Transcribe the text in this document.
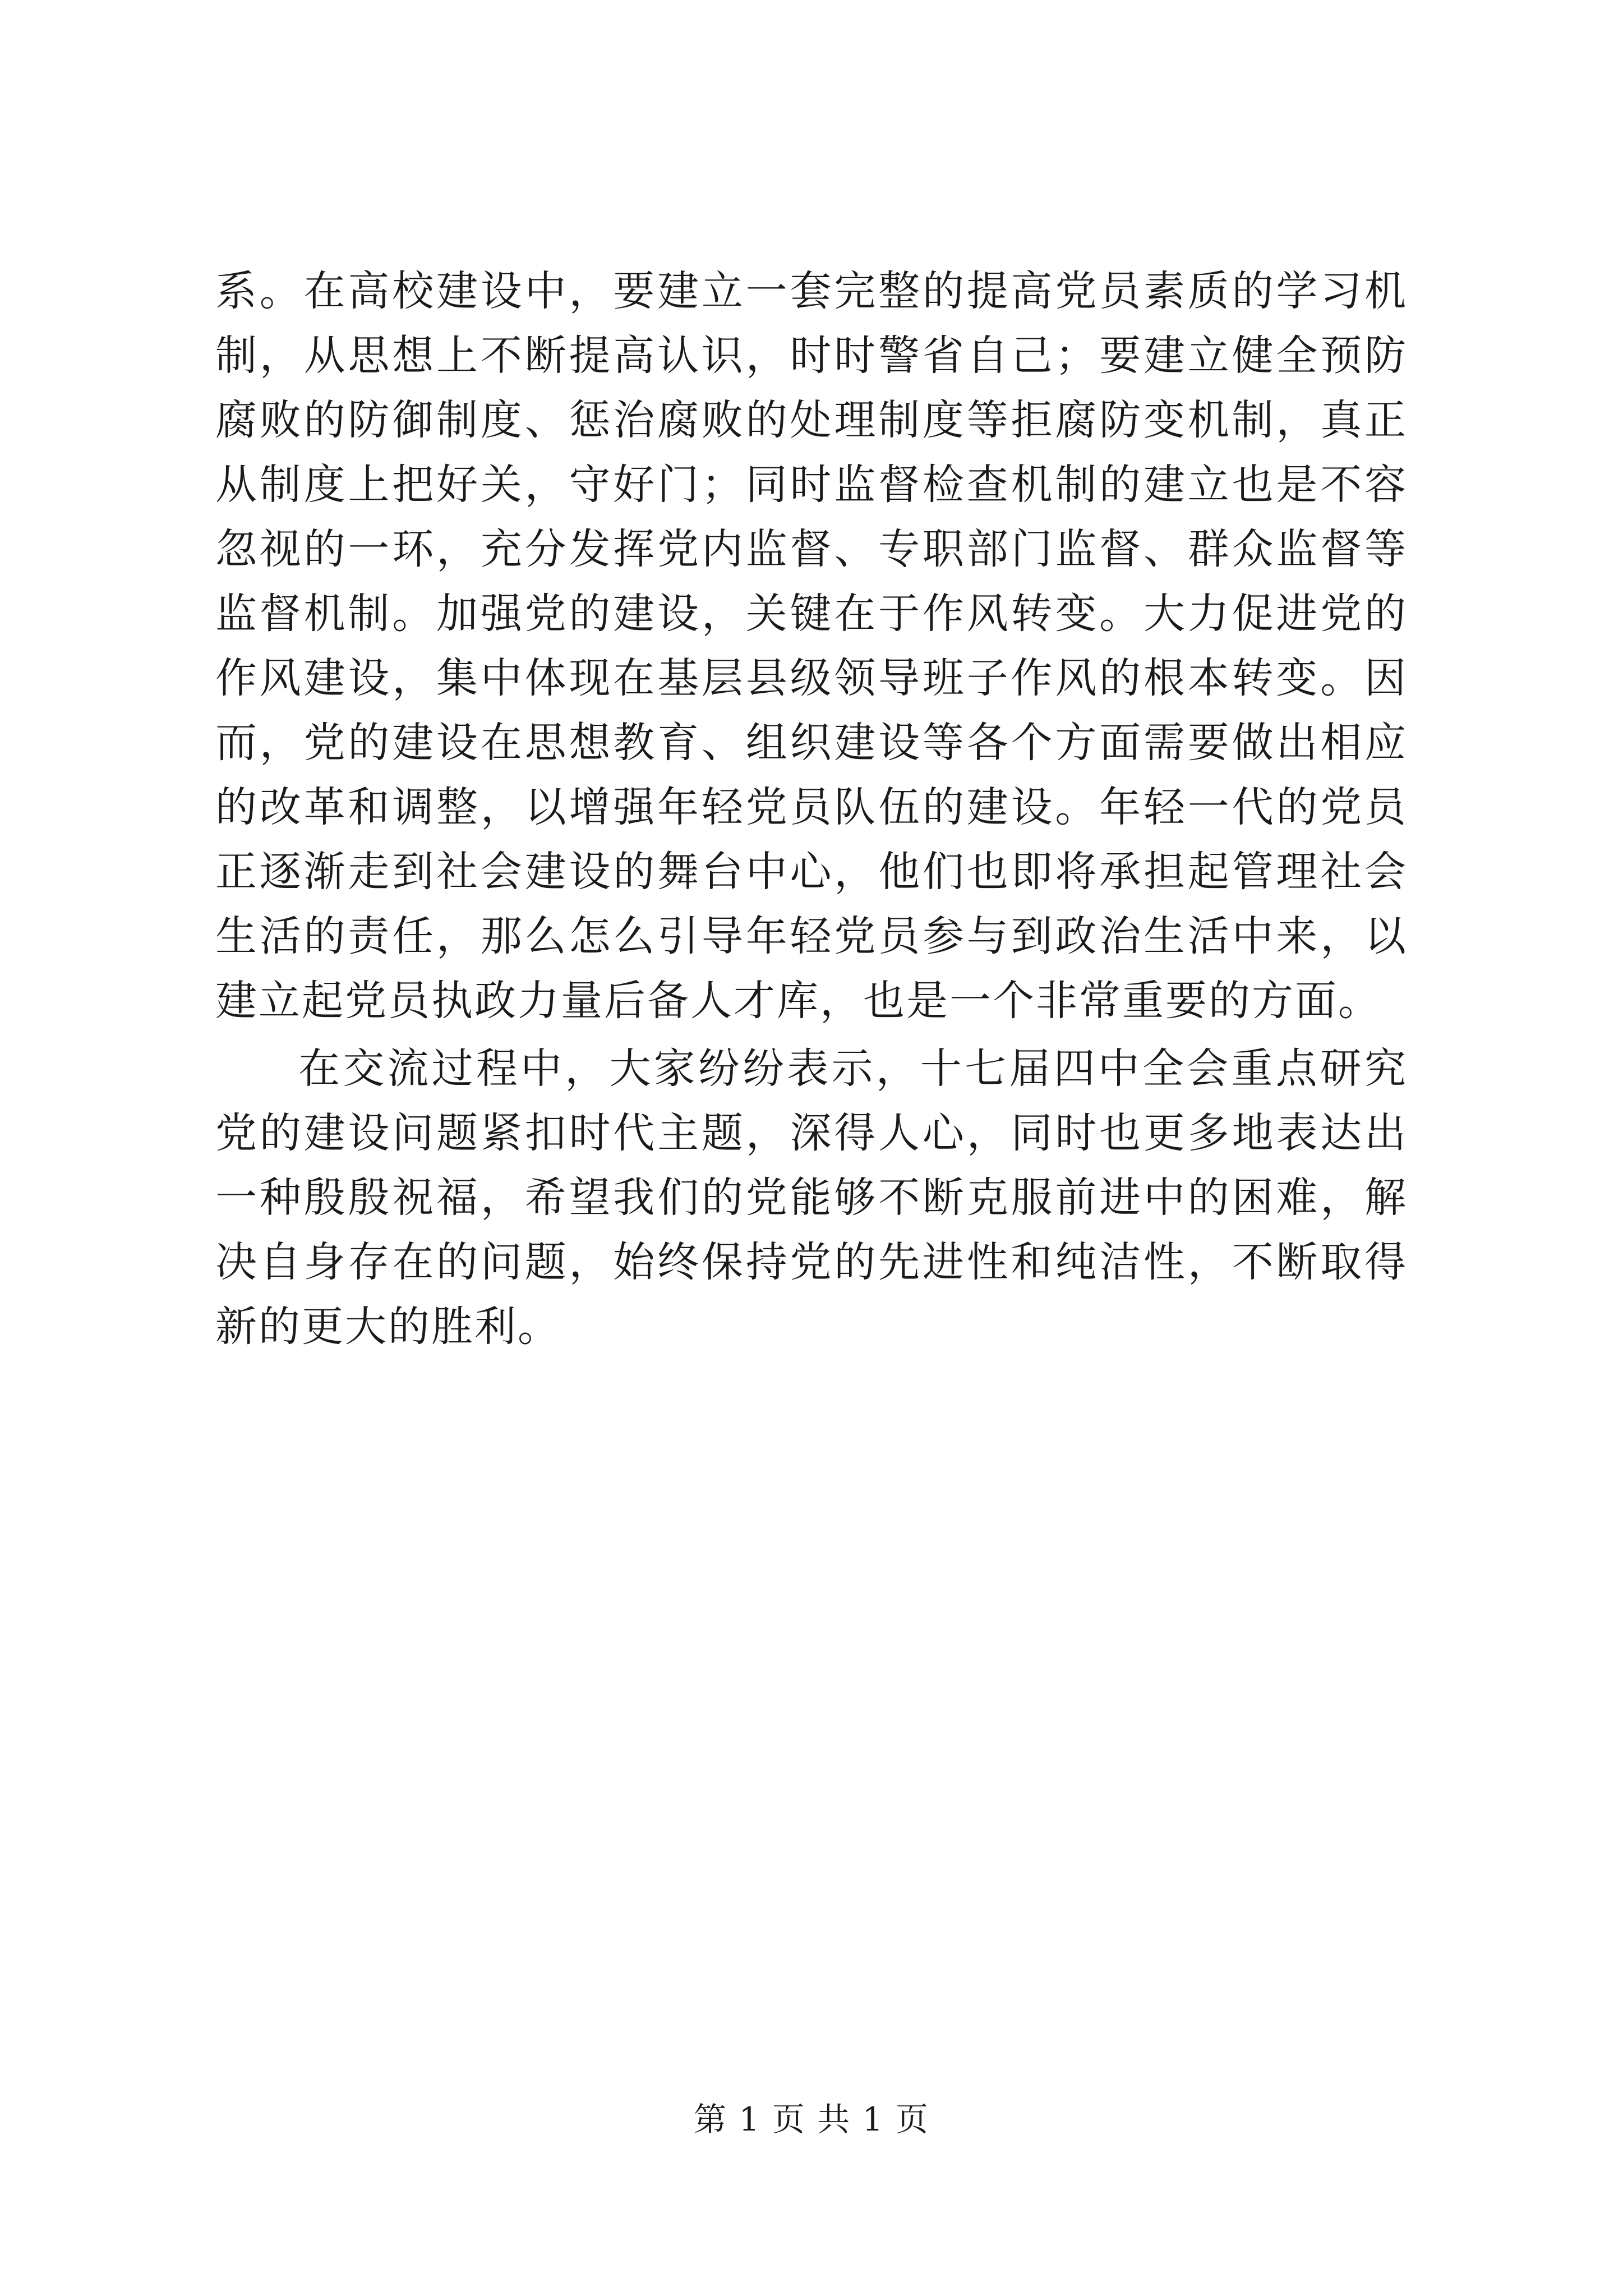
系。在高校建设中，要建立一套完整的提高党员素质的学习机制，从思想上不断提高认识，时时警省自己；要建立健全预防腐败的防御制度、惩治腐败的处理制度等拒腐防变机制，真正从制度上把好关，守好门；同时监督检查机制的建立也是不容忽视的一环，充分发挥党内监督、专职部门监督、群众监督等监督机制。加强党的建设，关键在于作风转变。大力促进党的作风建设，集中体现在基层县级领导班子作风的根本转变。因而，党的建设在思想教育、组织建设等各个方面需要做出相应的改革和调整，以增强年轻党员队伍的建设。年轻一代的党员正逐渐走到社会建设的舞台中心，他们也即将承担起管理社会生活的责任，那么怎么引导年轻党员参与到政治生活中来，以建立起党员执政力量后备人才库，也是一个非常重要的方面。

在交流过程中，大家纷纷表示，十七届四中全会重点研究党的建设问题紧扣时代主题，深得人心，同时也更多地表达出一种殷殷祝福，希望我们的党能够不断克服前进中的困难，解决自身存在的问题，始终保持党的先进性和纯洁性，不断取得新的更大的胜利。

第 1 页 共 1 页
